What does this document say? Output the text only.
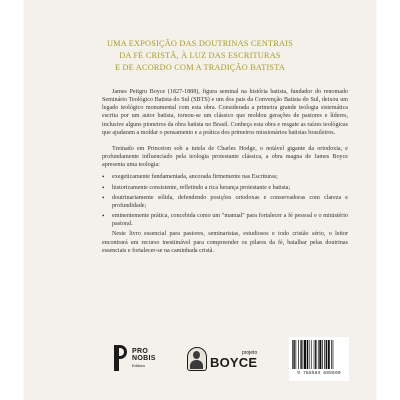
UMA EXPOSIÇÃO DAS DOUTRINAS CENTRAIS
DA FÉ CRISTÃ, À LUZ DAS ESCRITURAS
E DE ACORDO COM A TRADIÇÃO BATISTA

James Petigru Boyce (1827-1888), figura seminal na história batista, fundador do renomado Seminário Teológico Batista do Sul (SBTS) e um dos pais da Convenção Batista do Sul, deixou um legado teológico monumental com esta obra. Considerada a primeira grande teologia sistemática escrita por um autor batista, tornou-se um clássico que moldou gerações de pastores e líderes, inclusive alguns pioneiros da obra batista no Brasil. Conheça esta obra e resgate as raízes teológicas que ajudaram a moldar o pensamento e a prática dos primeiros missionários batistas brasileiros.

Treinado em Princeton sob a tutela de Charles Hodge, o notável gigante da ortodoxia, e profundamente influenciado pela teologia protestante clássica, a obra magna de James Boyce apresenta uma teologia:

• exegeticamente fundamentada, ancorada firmemente nas Escrituras;
• historicamente consistente, refletindo a rica herança protestante e batista;
• doutrinariamente sólida, defendendo posições ortodoxas e conservadoras com clareza e profundidade;
• eminentemente prática, concebida como um "manual" para fortalecer a fé pessoal e o ministério pastoral.

Neste livro essencial para pastores, seminaristas, estudiosos e todo cristão sério, o leitor encontrará um recurso inestimável para compreender os pilares da fé, batalhar pelas doutrinas essenciais e fortalecer-se na caminhada cristã.

PRO
NOBIS
Editora
projeto
BOYCE
9 788583 685690
